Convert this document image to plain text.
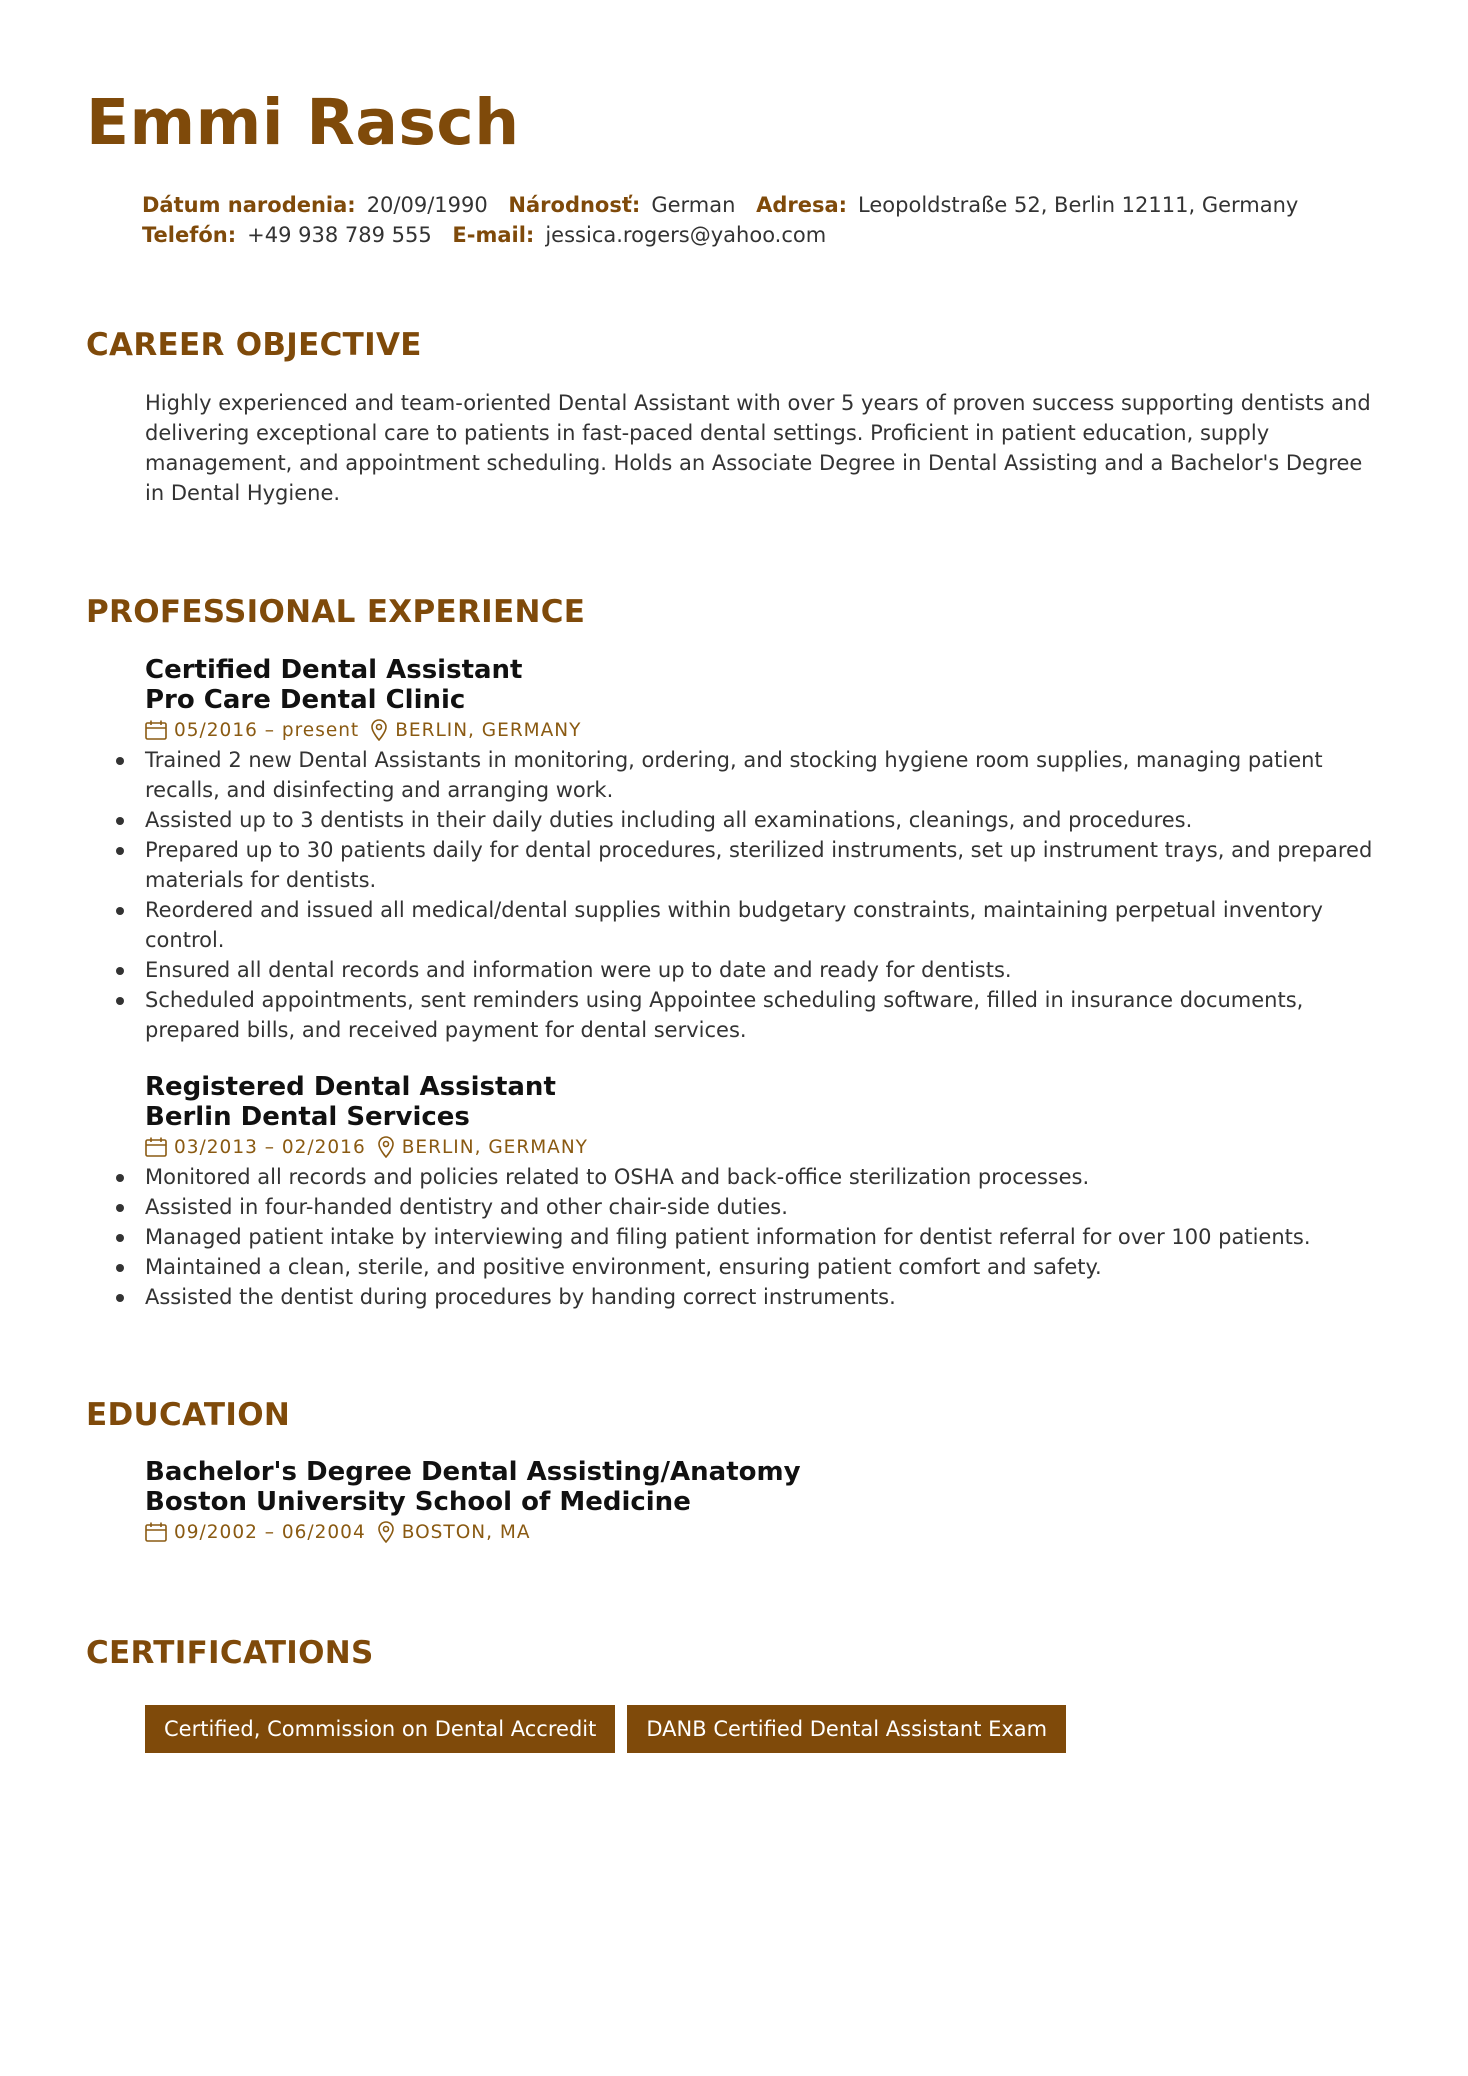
Emmi Rasch
Dátum narodenia: 20/09/1990 Národnosť: German Adresa: Leopoldstraße 52, Berlin 12111, Germany
Telefón: +49 938 789 555 E-mail: jessica.rogers@yahoo.com
CAREER OBJECTIVE

Highly experienced and team-oriented Dental Assistant with over 5 years of proven success supporting dentists and delivering exceptional care to patients in fast-paced dental settings. Proficient in patient education, supply management, and appointment scheduling. Holds an Associate Degree in Dental Assisting and a Bachelor's Degree in Dental Hygiene.

PROFESSIONAL EXPERIENCE

Certified Dental Assistant

Pro Care Dental Clinic

05/2016 – present BERLIN, GERMANY
Trained 2 new Dental Assistants in monitoring, ordering, and stocking hygiene room supplies, managing patient recalls, and disinfecting and arranging work.
Assisted up to 3 dentists in their daily duties including all examinations, cleanings, and procedures.
Prepared up to 30 patients daily for dental procedures, sterilized instruments, set up instrument trays, and prepared materials for dentists.
Reordered and issued all medical/dental supplies within budgetary constraints, maintaining perpetual inventory control.
Ensured all dental records and information were up to date and ready for dentists.
Scheduled appointments, sent reminders using Appointee scheduling software, filled in insurance documents, prepared bills, and received payment for dental services.

Registered Dental Assistant

Berlin Dental Services

03/2013 – 02/2016 BERLIN, GERMANY
Monitored all records and policies related to OSHA and back-office sterilization processes.
Assisted in four-handed dentistry and other chair-side duties.
Managed patient intake by interviewing and filing patient information for dentist referral for over 100 patients.
Maintained a clean, sterile, and positive environment, ensuring patient comfort and safety.
Assisted the dentist during procedures by handing correct instruments.
EDUCATION

Bachelor's Degree Dental Assisting/Anatomy

Boston University School of Medicine

09/2002 – 06/2004 BOSTON, MA
CERTIFICATIONS
Certified, Commission on Dental Accredit	DANB Certified Dental Assistant Exam
